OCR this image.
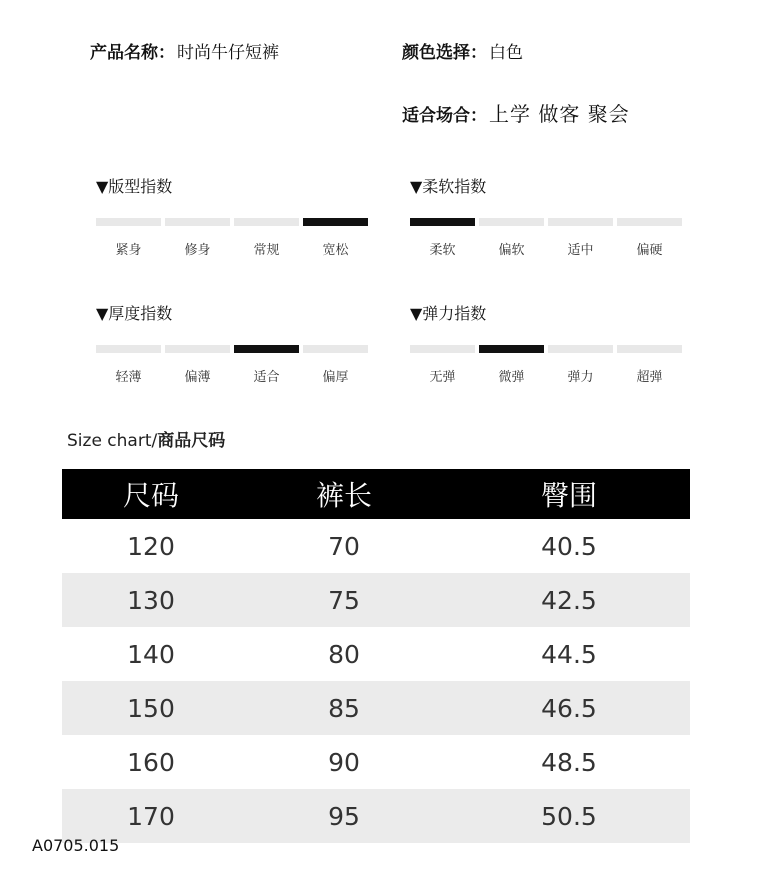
产品名称： 时尚牛仔短裤	颜色选择： 白色
适合场合： 上学 做客 聚会
▼版型指数
紧身	修身	常规	宽松
▼柔软指数
柔软	偏软	适中	偏硬
▼厚度指数
轻薄	偏薄	适合	偏厚
▼弹力指数
无弹	微弹	弹力	超弹
Size chart/商品尺码
尺码	裤长	臀围
120	70	40.5
130	75	42.5
140	80	44.5
150	85	46.5
160	90	48.5
170	95	50.5
A0705.015
